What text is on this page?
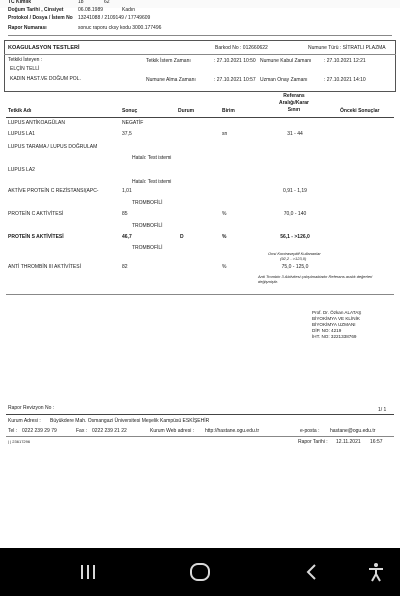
TC Kimlik	18	62
Doğum Tarihi , Cinsiyet	06.08.1989	Kadın
Protokol / Dosya / İstem No 13241088 / 2109149 / 17749609
Rapor Numarası	sonuc raporu cksy kodu 3000.177496
KOAGULASYON TESTLERİ	Barkod No : 012660622	Numune Türü : SİTRATLI PLAZMA
Tetkiki İsteyen :	Tetkik İstem Zamanı	: 27.10.2021 10:50 Numune Kabul Zamanı	: 27.10.2021 12:21
ELÇİN TELLİ
KADIN HAST.VE DOĞUM POL.	Numune Alma Zamanı	: 27.10.2021 10:57 Uzman Onay Zamanı	: 27.10.2021 14:10
Tetkik Adı	Sonuç	Durum	Birim
Referans
Aralığı/Karar
Sınırı	Önceki Sonuçlar
LUPUS ANTİKOAGÜLAN	NEGATİF
LUPUS LA1	37,5	sn	31 - 44
LUPUS TARAMA / LUPUS DOĞRULAM
Hatalı: Test istemi
LUPUS LA2
Hatalı: Test istemi
AKTİVE PROTEİN C REZİSTANSI(APC-	1,01	0,91 - 1,19
TROMBOFİLİ
PROTEİN C AKTİVİTESİ	85	%	70,0 - 140
TROMBOFİLİ
PROTEİN S AKTİVİTESİ	46,7	D	%	56,1 - >126,0
TROMBOFİLİ
Onsi Kontrasepitif Kullananlar
(92,2 - >123,0)
ANTİ THROMBİN III AKTİVİTESİ	82	%	75,0 - 125,0
Anti Trombin 3 Aktivitesi çalışılmaktadır Referans aralık değerleri
değişmiştir.
Prof. Dr. Özkan ALATAŞ
BİYOKİMYA VE KLİNİK
BİYOKİMYA UZMANI
DİP. NO: 4219
İHT. NO: 3221338769
Rapor Revizyon No :	1/ 1
Kurum Adresi : Büyükdere Mah. Osmangazi Üniversitesi Meşelik Kampüsü ESKİŞEHİR
Tel : 0222 239 29 79	Fax : 0222 239 21 22	Kurum Web adresi : http://hastane.ogu.edu.tr	e-posta : hastane@ogu.edu.tr
| | 23617296	Rapor Tarihi : 12.11.2021 16:57
